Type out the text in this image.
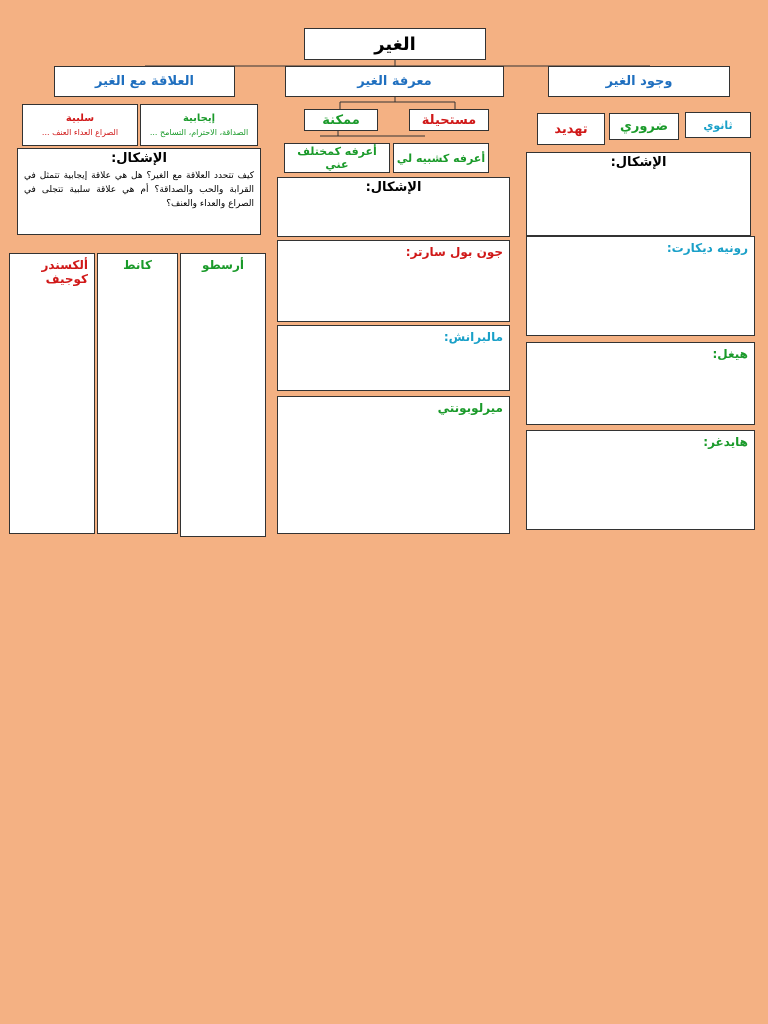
الغير
العلاقة مع الغير	معرفة الغير	وجود الغير
سلبية
الصراع العداء العنف ...
إيجابية
الصداقة، الاحترام، التسامح ...
ممكنة	مستحيلة
أعرفه كمختلف عني	أعرفه كشبيه لي
تهديد	ضروري	ثانوي
الإشكال:
كيف تتحدد العلاقة مع الغير؟ هل هي علاقة إيجابية تتمثل في القرابة والحب والصداقة؟ أم هي علاقة سلبية تتجلى في الصراع والعداء والعنف؟
الإشكال:
الإشكال:
ألكسندر كوجيف
كانط	أرسطو
جون بول سارتر:
مالبرانش:
ميرلوبونتي
رونيه ديكارت:
هيغل:
هايدغر:
